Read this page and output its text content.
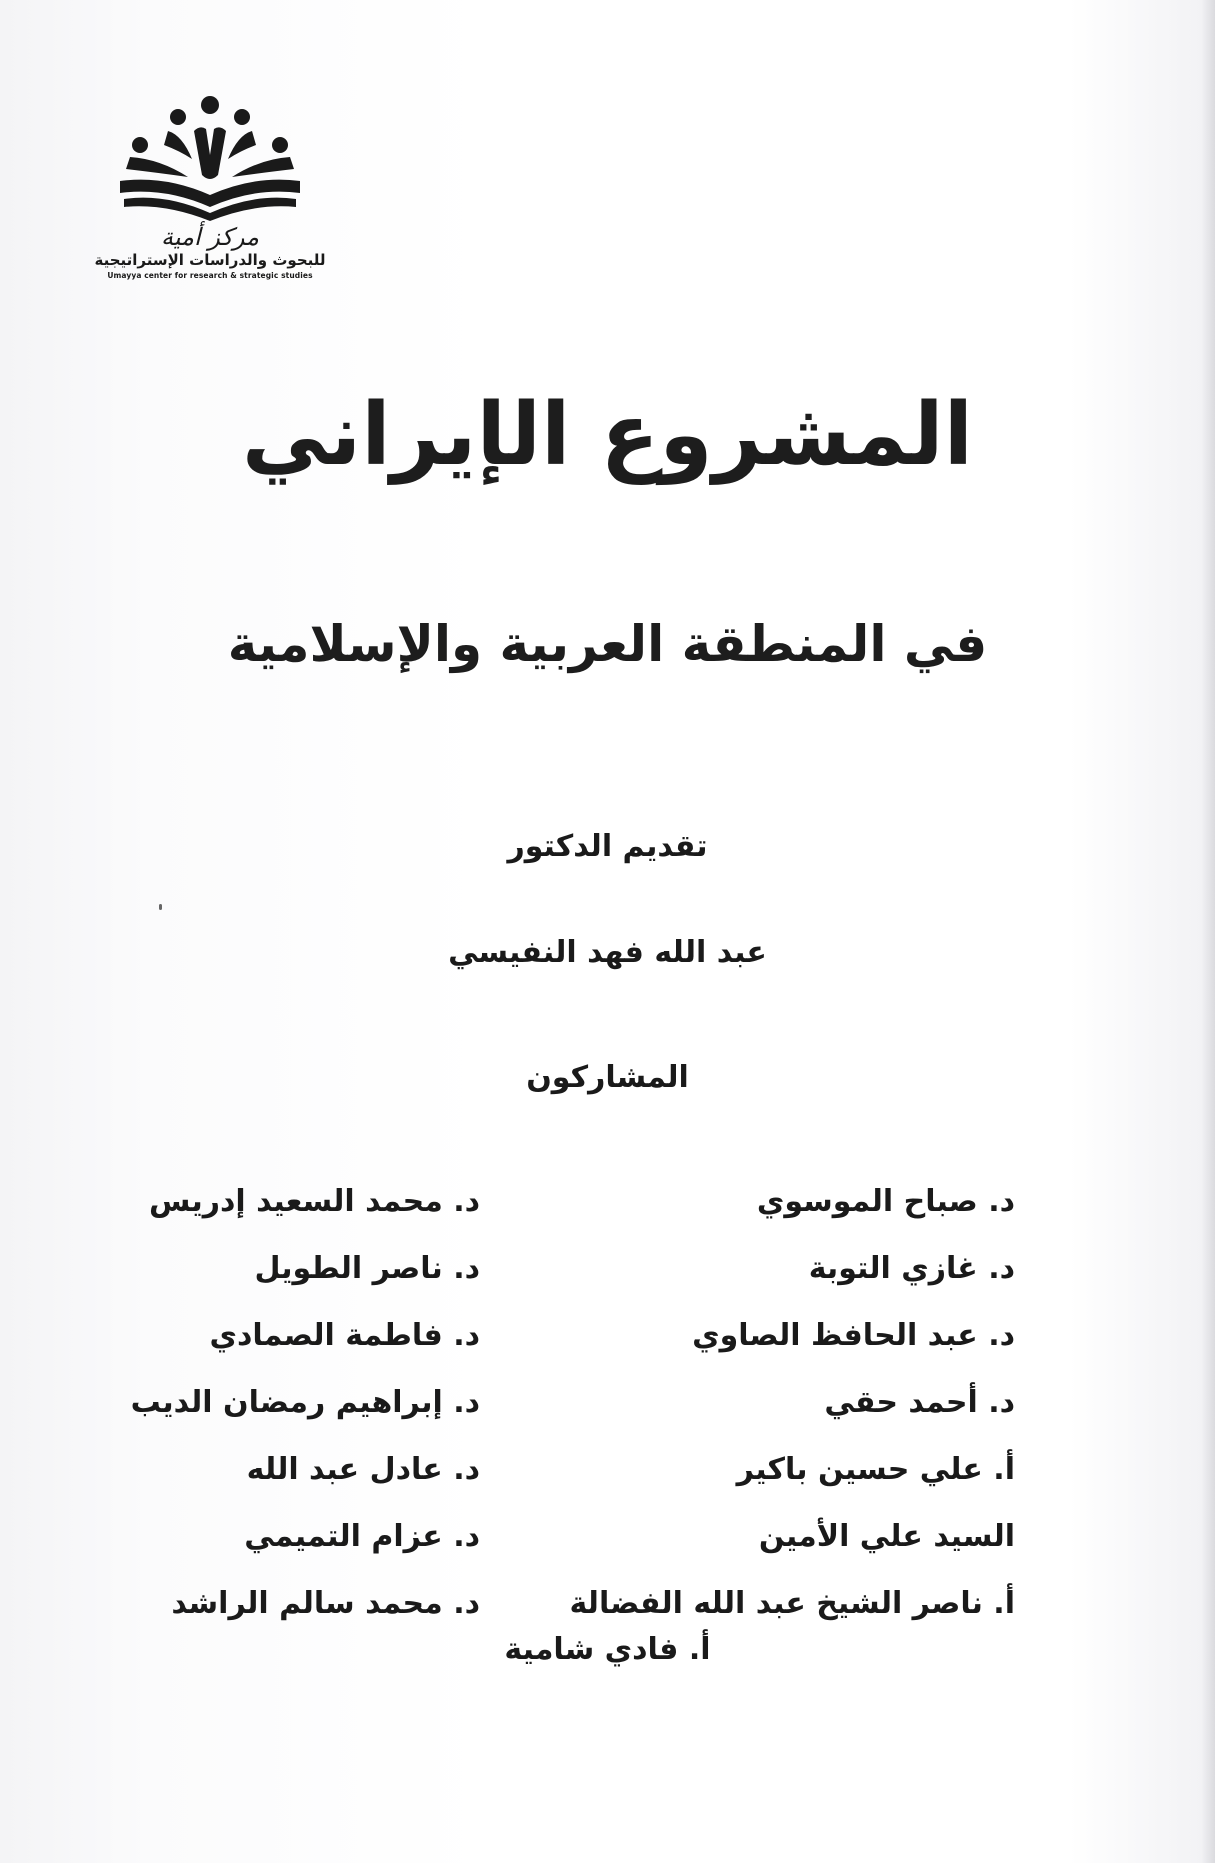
مركز أمية
للبحوث والدراسات الإستراتيجية
Umayya center for research & strategic studies
المشروع الإيراني
في المنطقة العربية والإسلامية
تقديم الدكتور
عبد الله فهد النفيسي
المشاركون
د. صباح الموسوي
د. غازي التوبة
د. عبد الحافظ الصاوي
د. أحمد حقي
أ. علي حسين باكير
السيد علي الأمين
أ. ناصر الشيخ عبد الله الفضالة
د. محمد السعيد إدريس
د. ناصر الطويل
د. فاطمة الصمادي
د. إبراهيم رمضان الديب
د. عادل عبد الله
د. عزام التميمي
د. محمد سالم الراشد
أ. فادي شامية
